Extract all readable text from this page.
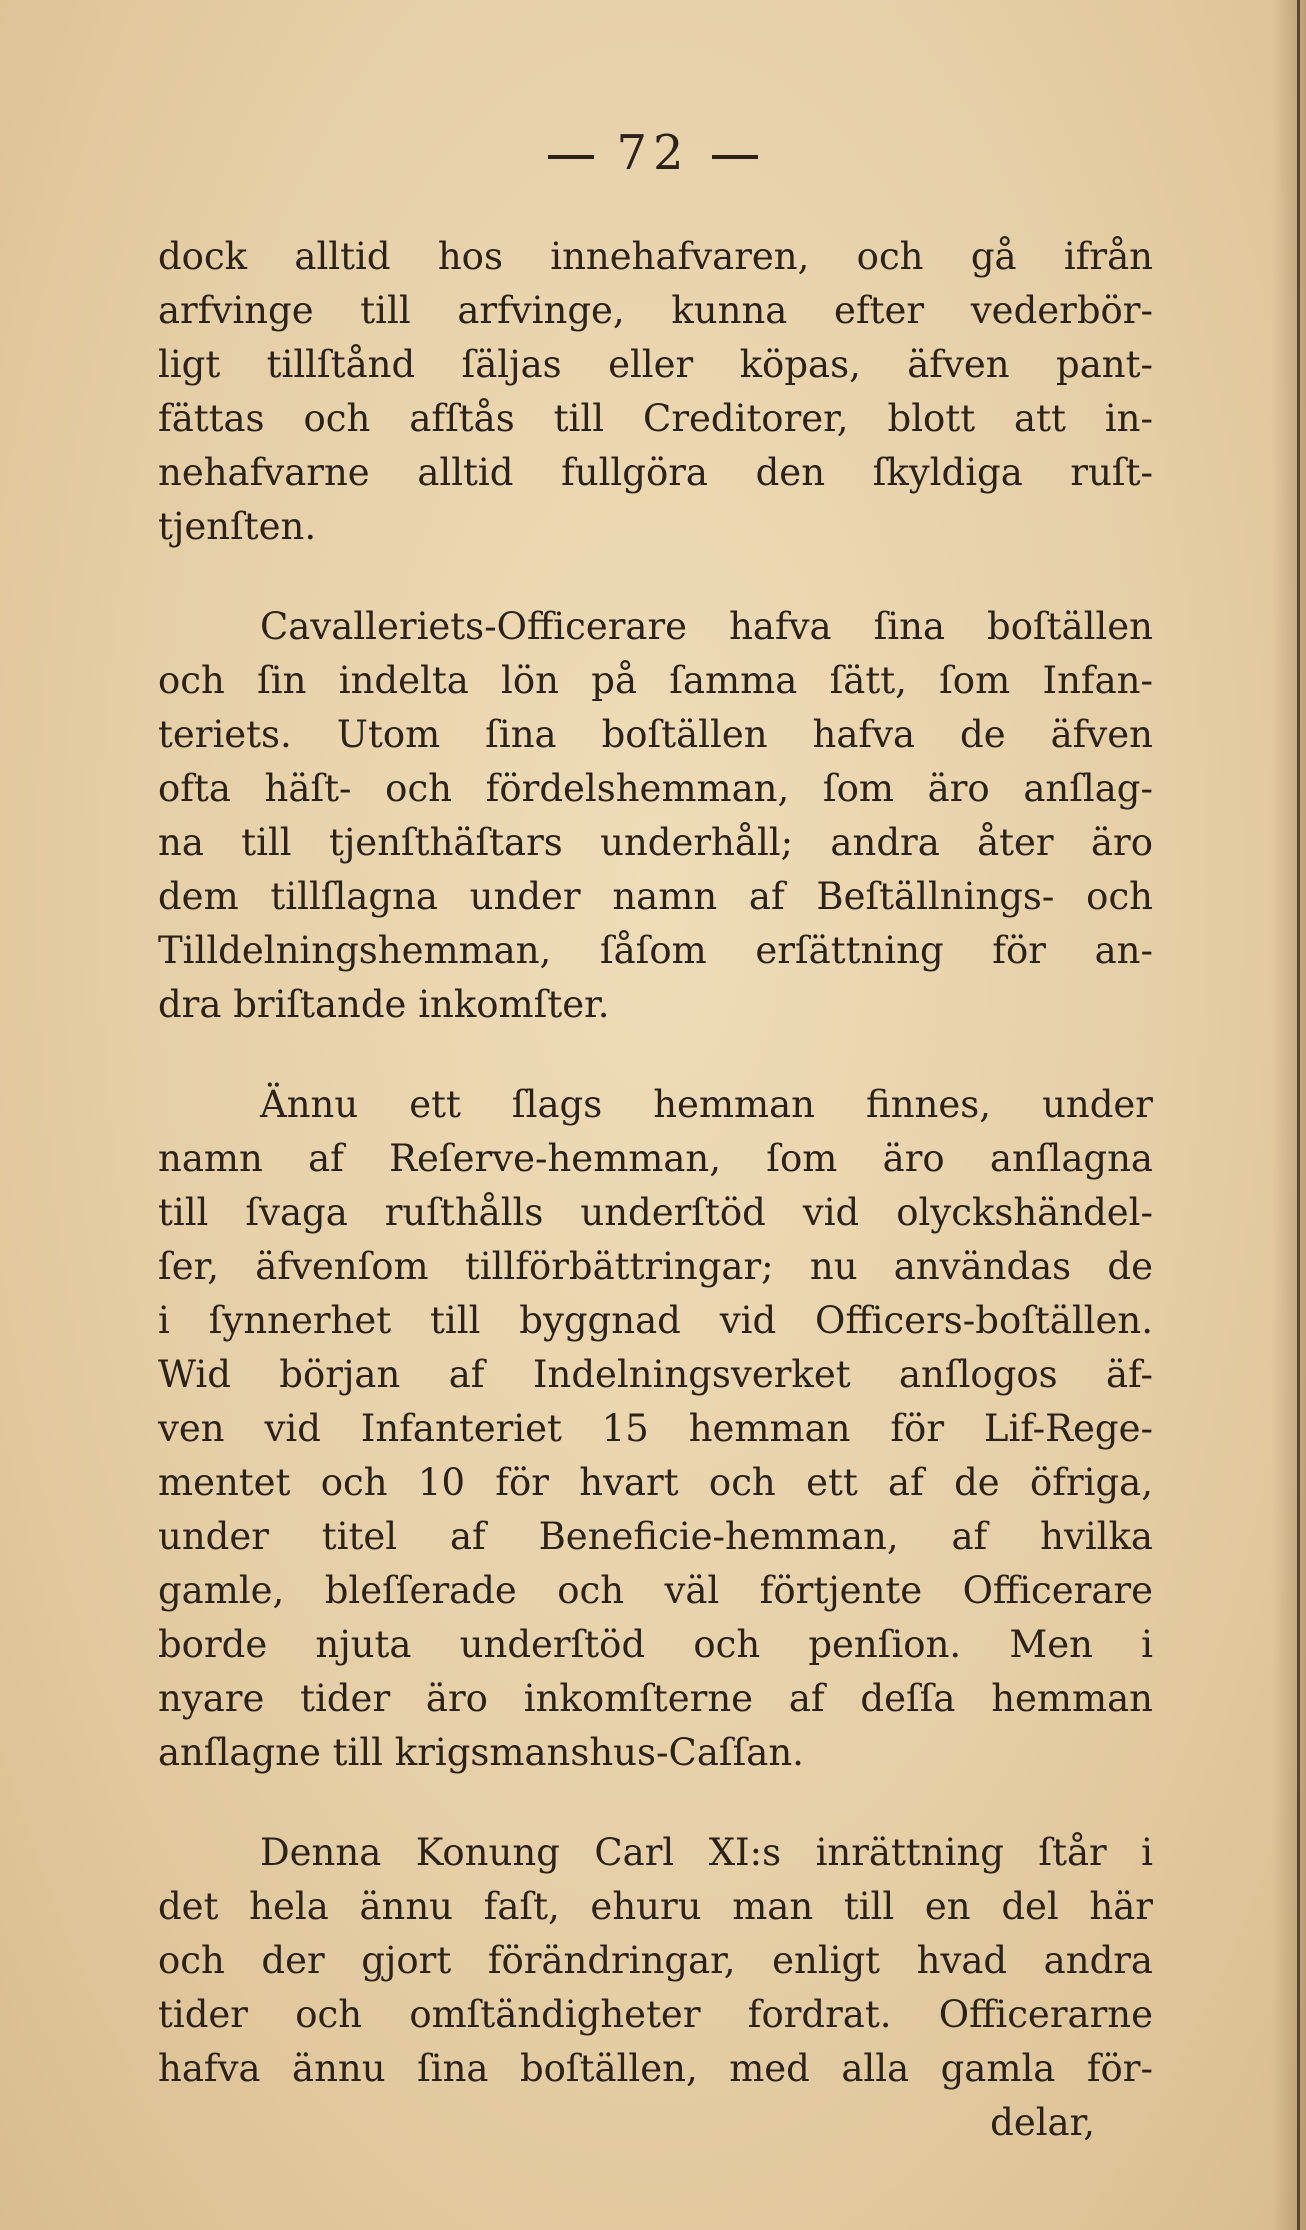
72
dock alltid hos innehafvaren, och gå ifrån
arfvinge till arfvinge, kunna efter vederbör-
ligt tillſtånd ſäljas eller köpas, äfven pant-
fättas och afſtås till Creditorer, blott att in-
nehafvarne alltid fullgöra den ſkyldiga ruſt-
tjenſten.
Cavalleriets-Officerare hafva ſina boſtällen
och ſin indelta lön på ſamma ſätt, ſom Infan-
teriets. Utom ſina boſtällen hafva de äfven
ofta häſt- och fördelshemman, ſom äro anſlag-
na till tjenſthäſtars underhåll; andra åter äro
dem tillſlagna under namn af Beſtällnings- och
Tilldelningshemman, ſåſom erſättning för an-
dra briſtande inkomſter.
Ännu ett ſlags hemman finnes, under
namn af Reſerve-hemman, ſom äro anſlagna
till ſvaga ruſthålls underſtöd vid olyckshändel-
ſer, äfvenſom tillförbättringar; nu användas de
i ſynnerhet till byggnad vid Officers-boſtällen.
Wid början af Indelningsverket anſlogos äf-
ven vid Infanteriet 15 hemman för Lif-Rege-
mentet och 10 för hvart och ett af de öfriga,
under titel af Beneficie-hemman, af hvilka
gamle, bleſſerade och väl förtjente Officerare
borde njuta underſtöd och penſion. Men i
nyare tider äro inkomſterne af deſſa hemman
anſlagne till krigsmanshus-Caſſan.
Denna Konung Carl XI:s inrättning ſtår i
det hela ännu faſt, ehuru man till en del här
och der gjort förändringar, enligt hvad andra
tider och omſtändigheter fordrat. Officerarne
hafva ännu ſina boſtällen, med alla gamla för-
delar,
